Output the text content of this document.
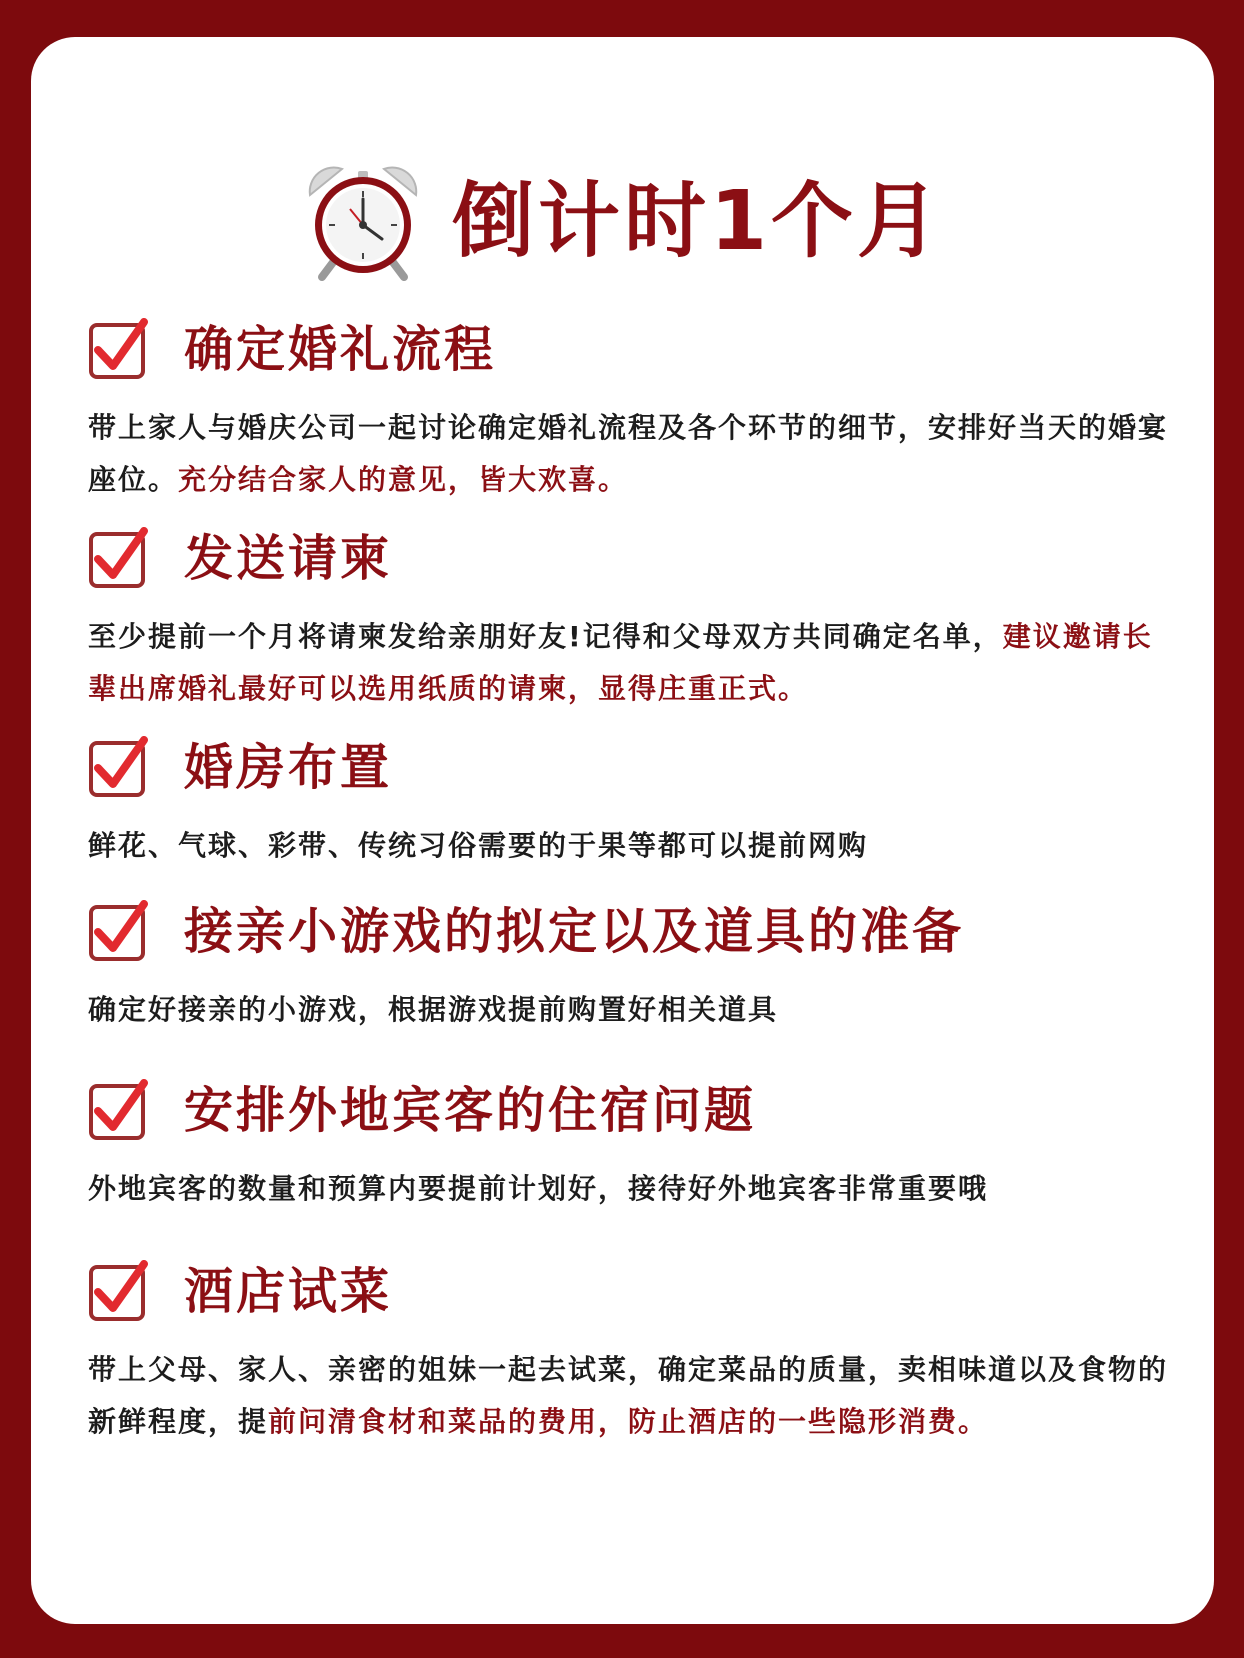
倒计时1个月
确定婚礼流程
带上家人与婚庆公司一起讨论确定婚礼流程及各个环节的细节，安排好当天的婚宴座位。充分结合家人的意见，皆大欢喜。
发送请柬
至少提前一个月将请柬发给亲朋好友!记得和父母双方共同确定名单，建议邀请长辈出席婚礼最好可以选用纸质的请柬，显得庄重正式。
婚房布置
鲜花、气球、彩带、传统习俗需要的于果等都可以提前网购
接亲小游戏的拟定以及道具的准备
确定好接亲的小游戏，根据游戏提前购置好相关道具
安排外地宾客的住宿问题
外地宾客的数量和预算内要提前计划好，接待好外地宾客非常重要哦
酒店试菜
带上父母、家人、亲密的姐妹一起去试菜，确定菜品的质量，卖相味道以及食物的新鲜程度，提前问清食材和菜品的费用，防止酒店的一些隐形消费。
